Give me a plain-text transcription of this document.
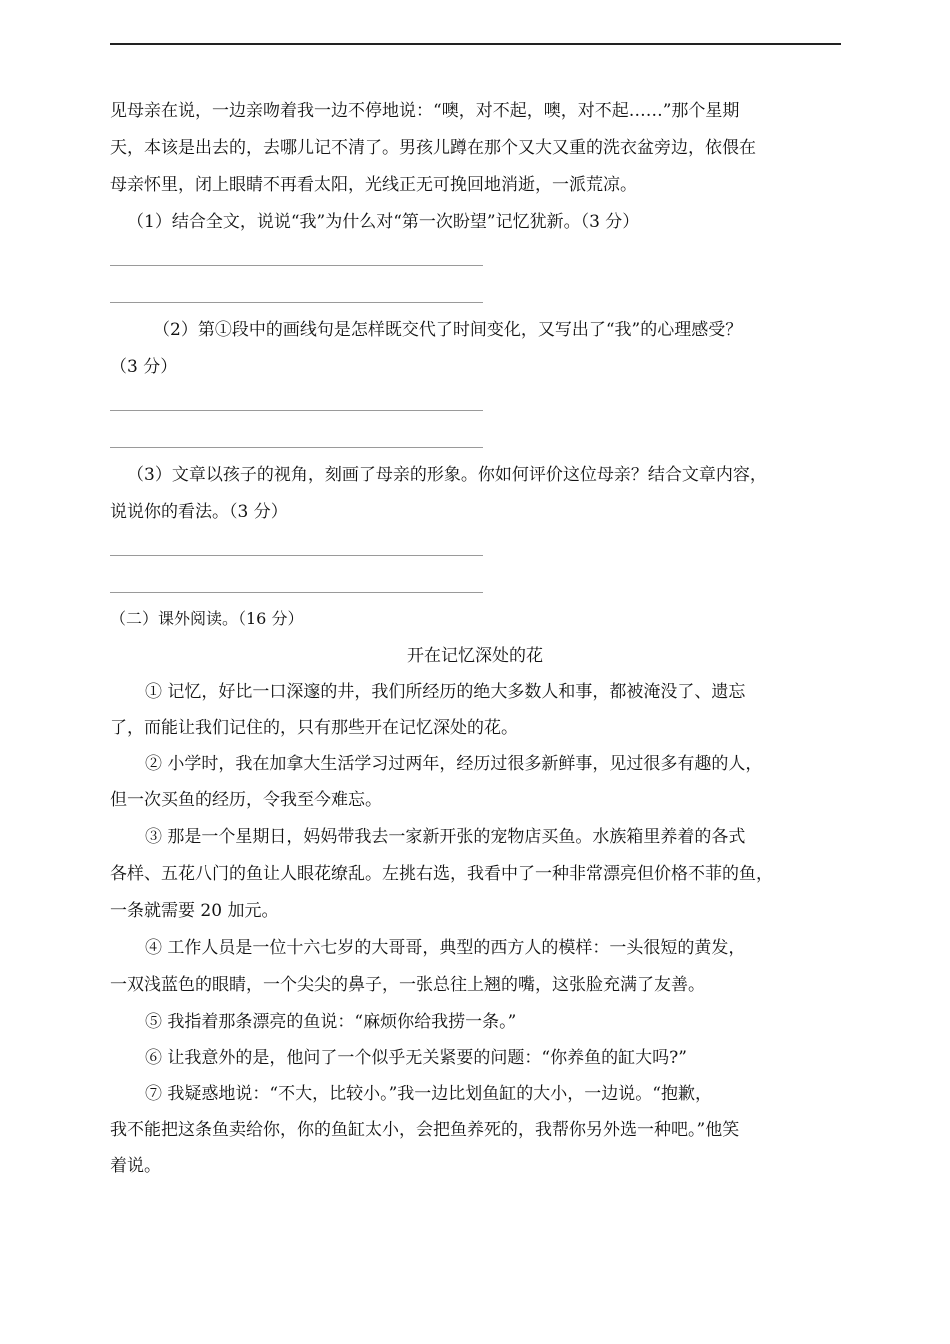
见母亲在说，一边亲吻着我一边不停地说：“噢，对不起，噢，对不起……”那个星期
天，本该是出去的，去哪儿记不清了。男孩儿蹲在那个又大又重的洗衣盆旁边，依偎在
母亲怀里，闭上眼睛不再看太阳，光线正无可挽回地消逝，一派荒凉。
（1）结合全文，说说“我”为什么对“第一次盼望”记忆犹新。（3 分）
（2）第①段中的画线句是怎样既交代了时间变化，又写出了“我”的心理感受？
（3 分）
（3）文章以孩子的视角，刻画了母亲的形象。你如何评价这位母亲？结合文章内容，
说说你的看法。（3 分）
（二）课外阅读。（16 分）
开在记忆深处的花
① 记忆，好比一口深邃的井，我们所经历的绝大多数人和事，都被淹没了、遗忘
了，而能让我们记住的，只有那些开在记忆深处的花。
② 小学时，我在加拿大生活学习过两年，经历过很多新鲜事，见过很多有趣的人，
但一次买鱼的经历，令我至今难忘。
③ 那是一个星期日，妈妈带我去一家新开张的宠物店买鱼。水族箱里养着的各式
各样、五花八门的鱼让人眼花缭乱。左挑右选，我看中了一种非常漂亮但价格不菲的鱼，
一条就需要 20 加元。
④ 工作人员是一位十六七岁的大哥哥，典型的西方人的模样：一头很短的黄发，
一双浅蓝色的眼睛，一个尖尖的鼻子，一张总往上翘的嘴，这张脸充满了友善。
⑤ 我指着那条漂亮的鱼说：“麻烦你给我捞一条。”
⑥ 让我意外的是，他问了一个似乎无关紧要的问题：“你养鱼的缸大吗?”
⑦ 我疑惑地说：“不大，比较小。”我一边比划鱼缸的大小，一边说。“抱歉，
我不能把这条鱼卖给你，你的鱼缸太小，会把鱼养死的，我帮你另外选一种吧。”他笑
着说。
